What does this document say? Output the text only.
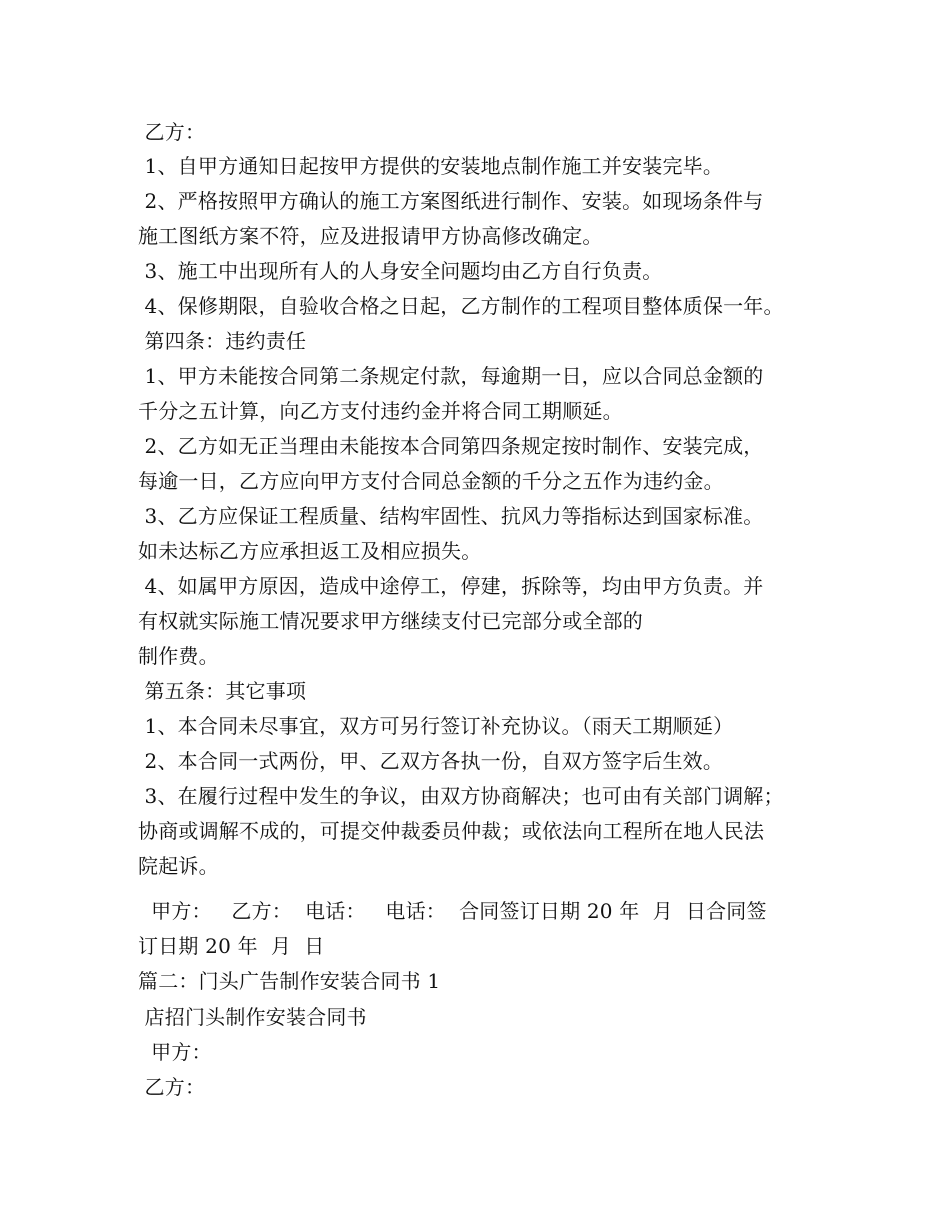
乙方：
1、自甲方通知日起按甲方提供的安装地点制作施工并安装完毕。
2、严格按照甲方确认的施工方案图纸进行制作、安装。如现场条件与
施工图纸方案不符，应及进报请甲方协高修改确定。
3、施工中出现所有人的人身安全问题均由乙方自行负责。
4、保修期限，自验收合格之日起，乙方制作的工程项目整体质保一年。
第四条：违约责任
1、甲方未能按合同第二条规定付款，每逾期一日，应以合同总金额的
千分之五计算，向乙方支付违约金并将合同工期顺延。
2、乙方如无正当理由未能按本合同第四条规定按时制作、安装完成，
每逾一日，乙方应向甲方支付合同总金额的千分之五作为违约金。
3、乙方应保证工程质量、结构牢固性、抗风力等指标达到国家标准。
如未达标乙方应承担返工及相应损失。
4、如属甲方原因，造成中途停工，停建，拆除等，均由甲方负责。并
有权就实际施工情况要求甲方继续支付已完部分或全部的
制作费。
第五条：其它事项
1、本合同未尽事宜，双方可另行签订补充协议。（雨天工期顺延）
2、本合同一式两份，甲、乙双方各执一份，自双方签字后生效。
3、在履行过程中发生的争议，由双方协商解决；也可由有关部门调解；
协商或调解不成的，可提交仲裁委员仲裁；或依法向工程所在地人民法
院起诉。
甲方：   乙方：  电话：   电话：  合同签订日期 20 年  月  日合同签
订日期 20 年  月  日
篇二：门头广告制作安装合同书 1
店招门头制作安装合同书
甲方：
乙方：
